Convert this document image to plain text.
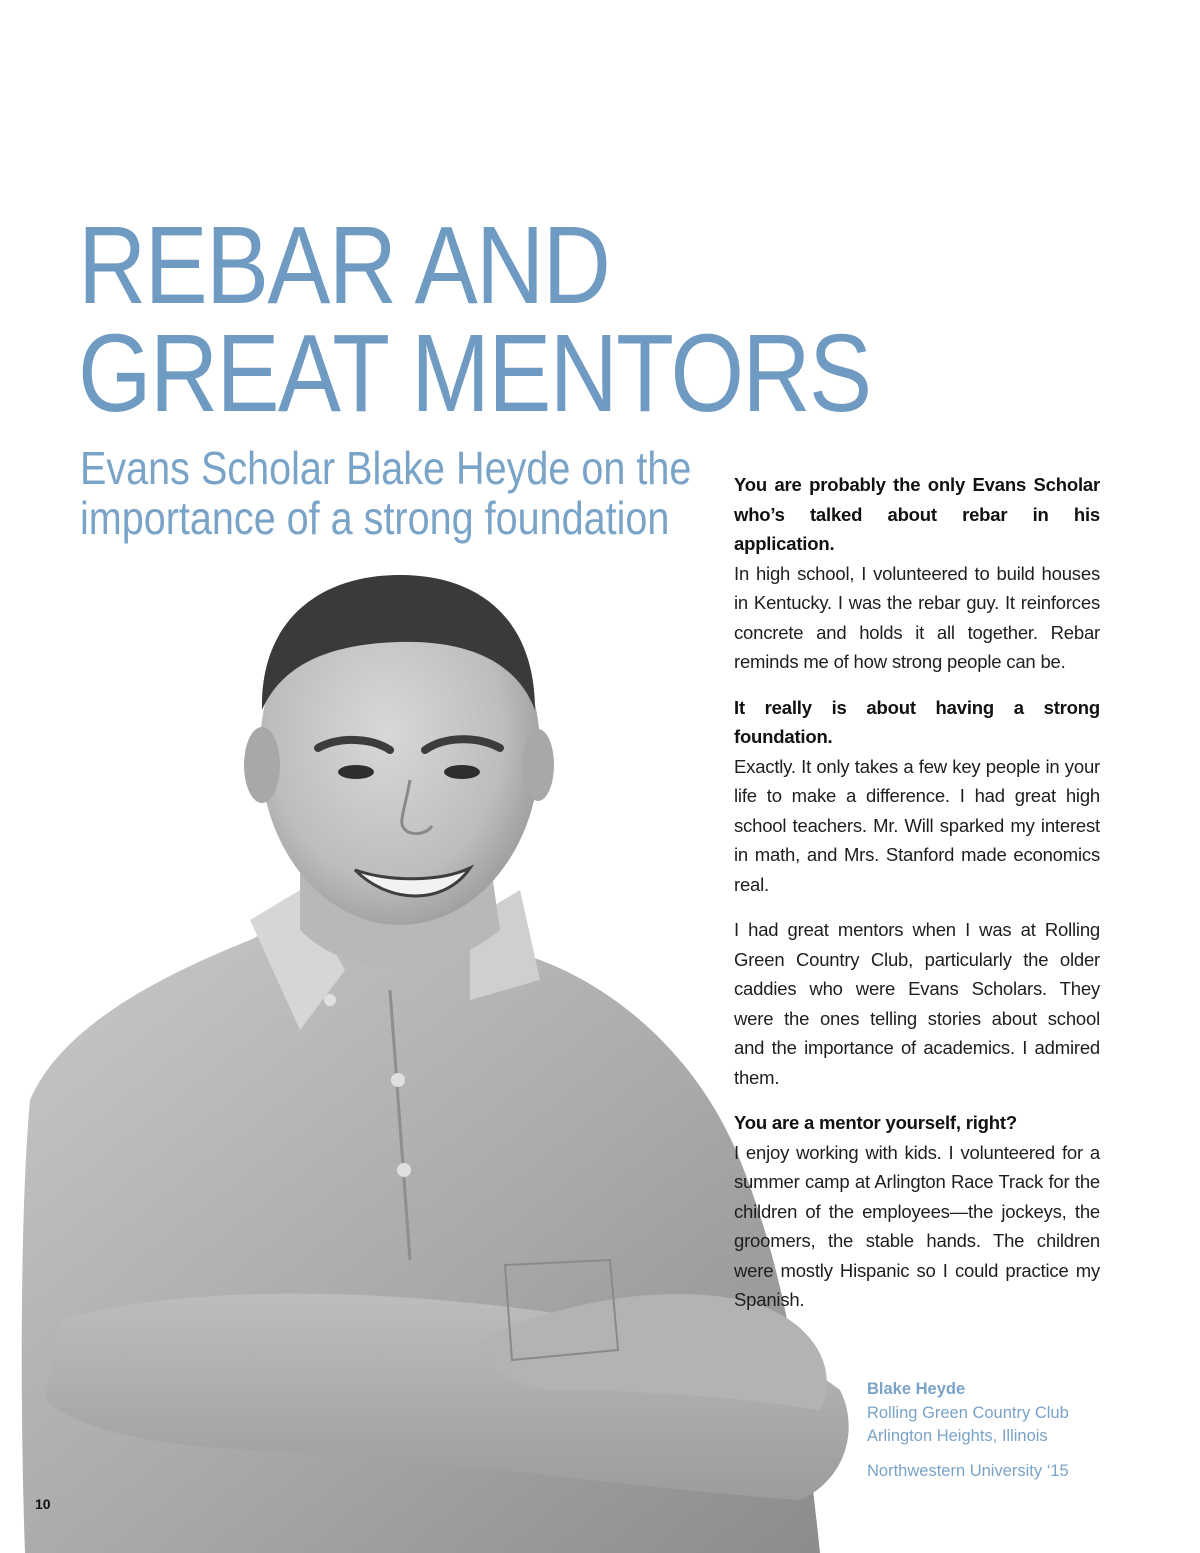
REBAR AND
GREAT MENTORS
Evans Scholar Blake Heyde on the
importance of a strong foundation

You are probably the only Evans Scholar who’s talked about rebar in his application.
In high school, I volunteered to build houses in Kentucky. I was the rebar guy. It reinforces concrete and holds it all together. Rebar reminds me of how strong people can be.

It really is about having a strong foundation.
Exactly. It only takes a few key people in your life to make a difference. I had great high school teachers. Mr. Will sparked my interest in math, and Mrs. Stanford made economics real.

I had great mentors when I was at Rolling Green Country Club, particularly the older caddies who were Evans Scholars. They were the ones telling stories about school and the importance of academics. I admired them.

You are a mentor yourself, right?
I enjoy working with kids. I volunteered for a summer camp at Arlington Race Track for the children of the employees—the jockeys, the groomers, the stable hands. The children were mostly Hispanic so I could practice my Spanish.

Blake Heyde
Rolling Green Country Club
Arlington Heights, Illinois
Northwestern University ‘15
10
